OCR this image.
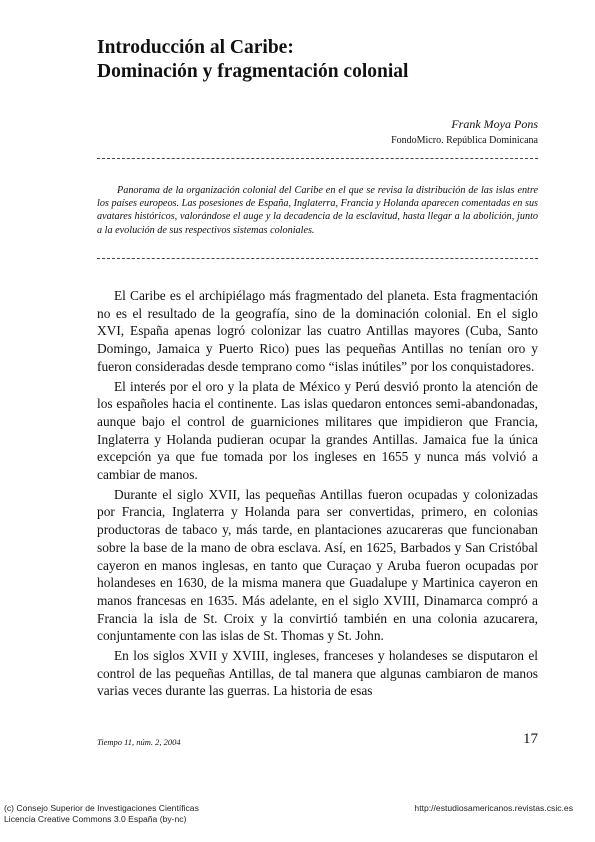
Introducción al Caribe:
Dominación y fragmentación colonial
Frank Moya Pons
FondoMicro. República Dominicana
Panorama de la organización colonial del Caribe en el que se revisa la distribución de las islas entre los países europeos. Las posesiones de España, Inglaterra, Francia y Holanda aparecen comentadas en sus avatares históricos, valorándose el auge y la decadencia de la esclavitud, hasta llegar a la abolición, junto a la evolución de sus respectivos sistemas coloniales.

El Caribe es el archipiélago más fragmentado del planeta. Esta fragmentación no es el resultado de la geografía, sino de la dominación colonial. En el siglo XVI, España apenas logró colonizar las cuatro Antillas mayores (Cuba, Santo Domingo, Jamaica y Puerto Rico) pues las pequeñas Antillas no tenían oro y fueron consideradas desde temprano como “islas inútiles” por los conquistadores.

El interés por el oro y la plata de México y Perú desvió pronto la atención de los españoles hacia el continente. Las islas quedaron entonces semi-abandonadas, aunque bajo el control de guarniciones militares que impidieron que Francia, Inglaterra y Holanda pudieran ocupar la grandes Antillas. Jamaica fue la única excepción ya que fue tomada por los ingleses en 1655 y nunca más volvió a cambiar de manos.

Durante el siglo XVII, las pequeñas Antillas fueron ocupadas y colonizadas por Francia, Inglaterra y Holanda para ser convertidas, primero, en colonias productoras de tabaco y, más tarde, en plantaciones azucareras que funcionaban sobre la base de la mano de obra esclava. Así, en 1625, Barbados y San Cristóbal cayeron en manos inglesas, en tanto que Curaçao y Aruba fueron ocupadas por holandeses en 1630, de la misma manera que Guadalupe y Martinica cayeron en manos francesas en 1635. Más adelante, en el siglo XVIII, Dinamarca compró a Francia la isla de St. Croix y la convirtió también en una colonia azucarera, conjuntamente con las islas de St. Thomas y St. John.

En los siglos XVII y XVIII, ingleses, franceses y holandeses se disputaron el control de las pequeñas Antillas, de tal manera que algunas cambiaron de manos varias veces durante las guerras. La historia de esas

Tiempo 11, núm. 2, 2004	17
(c) Consejo Superior de Investigaciones Científicas
Licencia Creative Commons 3.0 España (by-nc)
http://estudiosamericanos.revistas.csic.es
